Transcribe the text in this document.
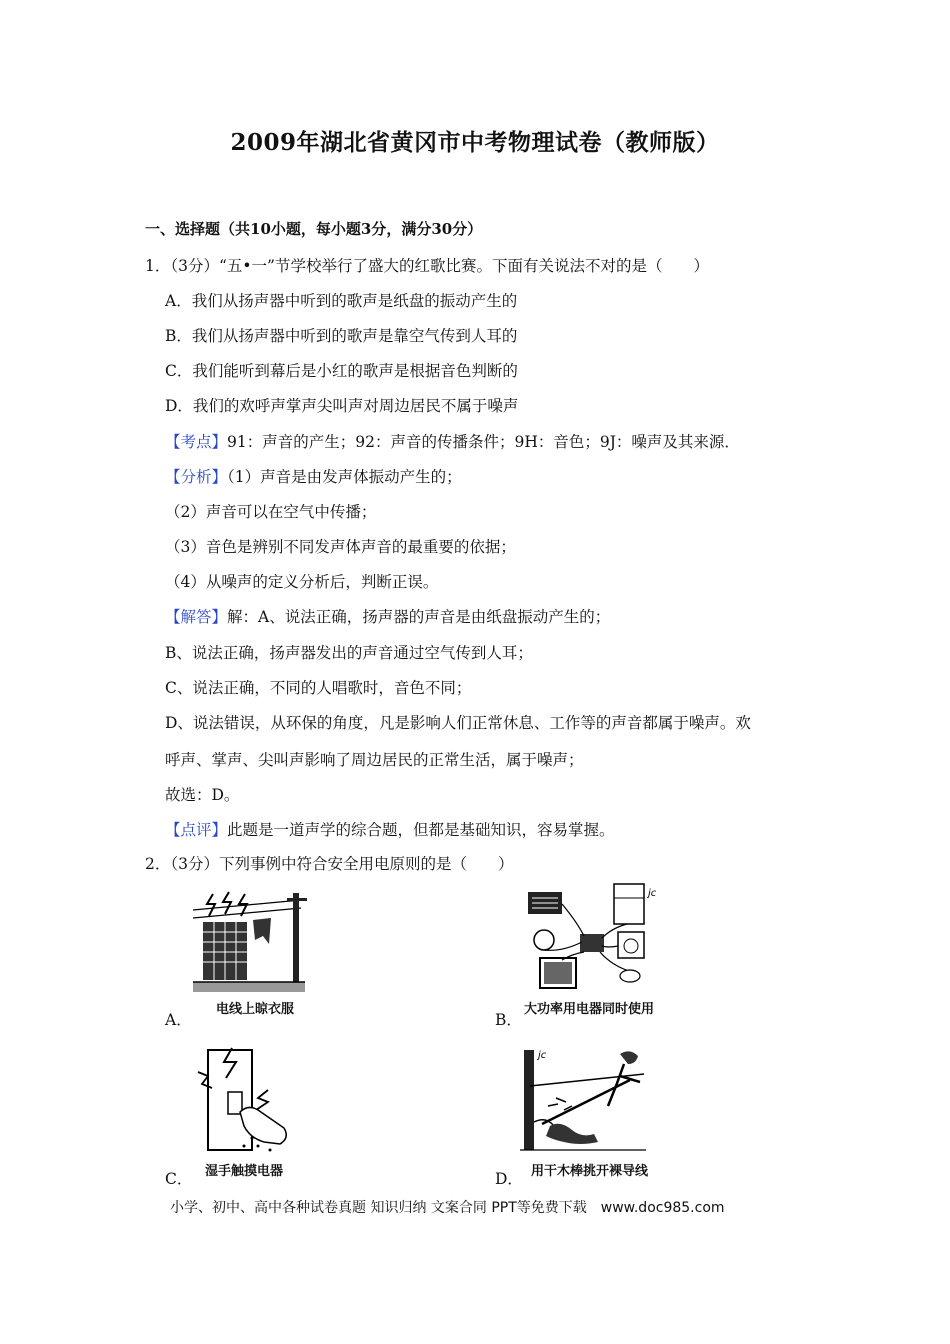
2009年湖北省黄冈市中考物理试卷（教师版）
一、选择题（共10小题，每小题3分，满分30分）
1．（3分）“五•一”节学校举行了盛大的红歌比赛。下面有关说法不对的是（　　）
A．我们从扬声器中听到的歌声是纸盘的振动产生的
B．我们从扬声器中听到的歌声是靠空气传到人耳的
C．我们能听到幕后是小红的歌声是根据音色判断的
D．我们的欢呼声掌声尖叫声对周边居民不属于噪声
【考点】91：声音的产生；92：声音的传播条件；9H：音色；9J：噪声及其来源．
【分析】（1）声音是由发声体振动产生的；
（2）声音可以在空气中传播；
（3）音色是辨别不同发声体声音的最重要的依据；
（4）从噪声的定义分析后，判断正误。
【解答】解：A、说法正确，扬声器的声音是由纸盘振动产生的；
B、说法正确，扬声器发出的声音通过空气传到人耳；
C、说法正确，不同的人唱歌时，音色不同；
D、说法错误，从环保的角度，凡是影响人们正常休息、工作等的声音都属于噪声。欢
呼声、掌声、尖叫声影响了周边居民的正常生活，属于噪声；
故选：D。
【点评】此题是一道声学的综合题，但都是基础知识，容易掌握。
2．（3分）下列事例中符合安全用电原则的是（　　）
A．
电线上晾衣服
jc
B．
大功率用电器同时使用
C． 湿手触摸电器
jc
D． 用干木棒挑开裸导线
小学、初中、高中各种试卷真题 知识归纳 文案合同 PPT等免费下载　www.doc985.com
